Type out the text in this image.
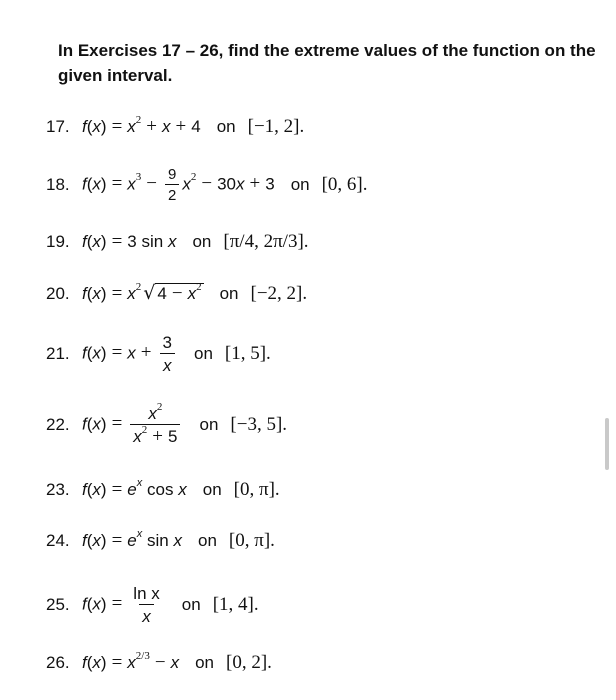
In Exercises 17 – 26, find the extreme values of the function on the given interval.

17. $f(x) = x^2 + x + 4$ on [−1, 2].
18. $f(x) = x^3 - \frac{9}{2} x^2 - 30x + 3$ on [0, 6].
19. f(x) = 3 sin x on [π/4, 2π/3].
20. $f(x) = x^2$ √ $4 - x^2$ on [−2, 2].
21. $f(x) = x + \frac{3}{x}$ on [1, 5].
22. $f(x) = \frac{x^2}{x^2 + 5}$ on [−3, 5].
23. $f(x) = e^x$ cos x on [0, π].
24. $f(x) = e^x$ sin x on [0, π].
25. $f(x) = \frac{\text{ln x}}{x}$ on [1, 4].
26. $f(x) = x^{2/3} - x$ on [0, 2].
